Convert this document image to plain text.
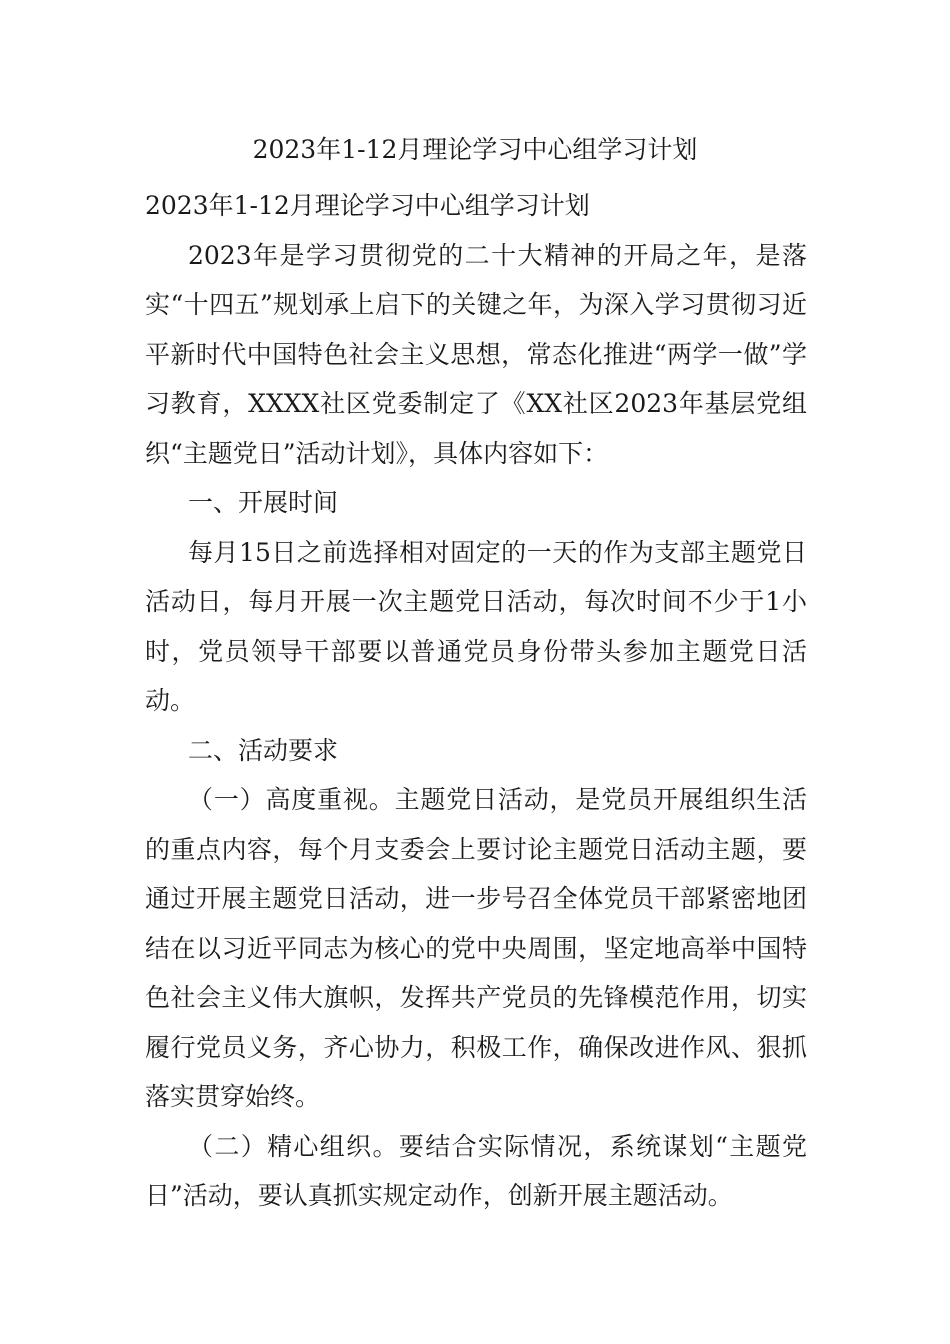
2023年1-12月理论学习中心组学习计划

2023年1-12月理论学习中心组学习计划

2023年是学习贯彻党的二十大精神的开局之年，是落实“十四五”规划承上启下的关键之年，为深入学习贯彻习近平新时代中国特色社会主义思想，常态化推进“两学一做”学习教育，XXXX社区党委制定了《XX社区2023年基层党组织“主题党日”活动计划》，具体内容如下：

一、开展时间

每月15日之前选择相对固定的一天的作为支部主题党日活动日，每月开展一次主题党日活动，每次时间不少于1小时，党员领导干部要以普通党员身份带头参加主题党日活动。

二、活动要求

（一）高度重视。主题党日活动，是党员开展组织生活的重点内容，每个月支委会上要讨论主题党日活动主题，要通过开展主题党日活动，进一步号召全体党员干部紧密地团结在以习近平同志为核心的党中央周围，坚定地高举中国特色社会主义伟大旗帜，发挥共产党员的先锋模范作用，切实履行党员义务，齐心协力，积极工作，确保改进作风、狠抓落实贯穿始终。

（二）精心组织。要结合实际情况，系统谋划“主题党日”活动，要认真抓实规定动作，创新开展主题活动。
